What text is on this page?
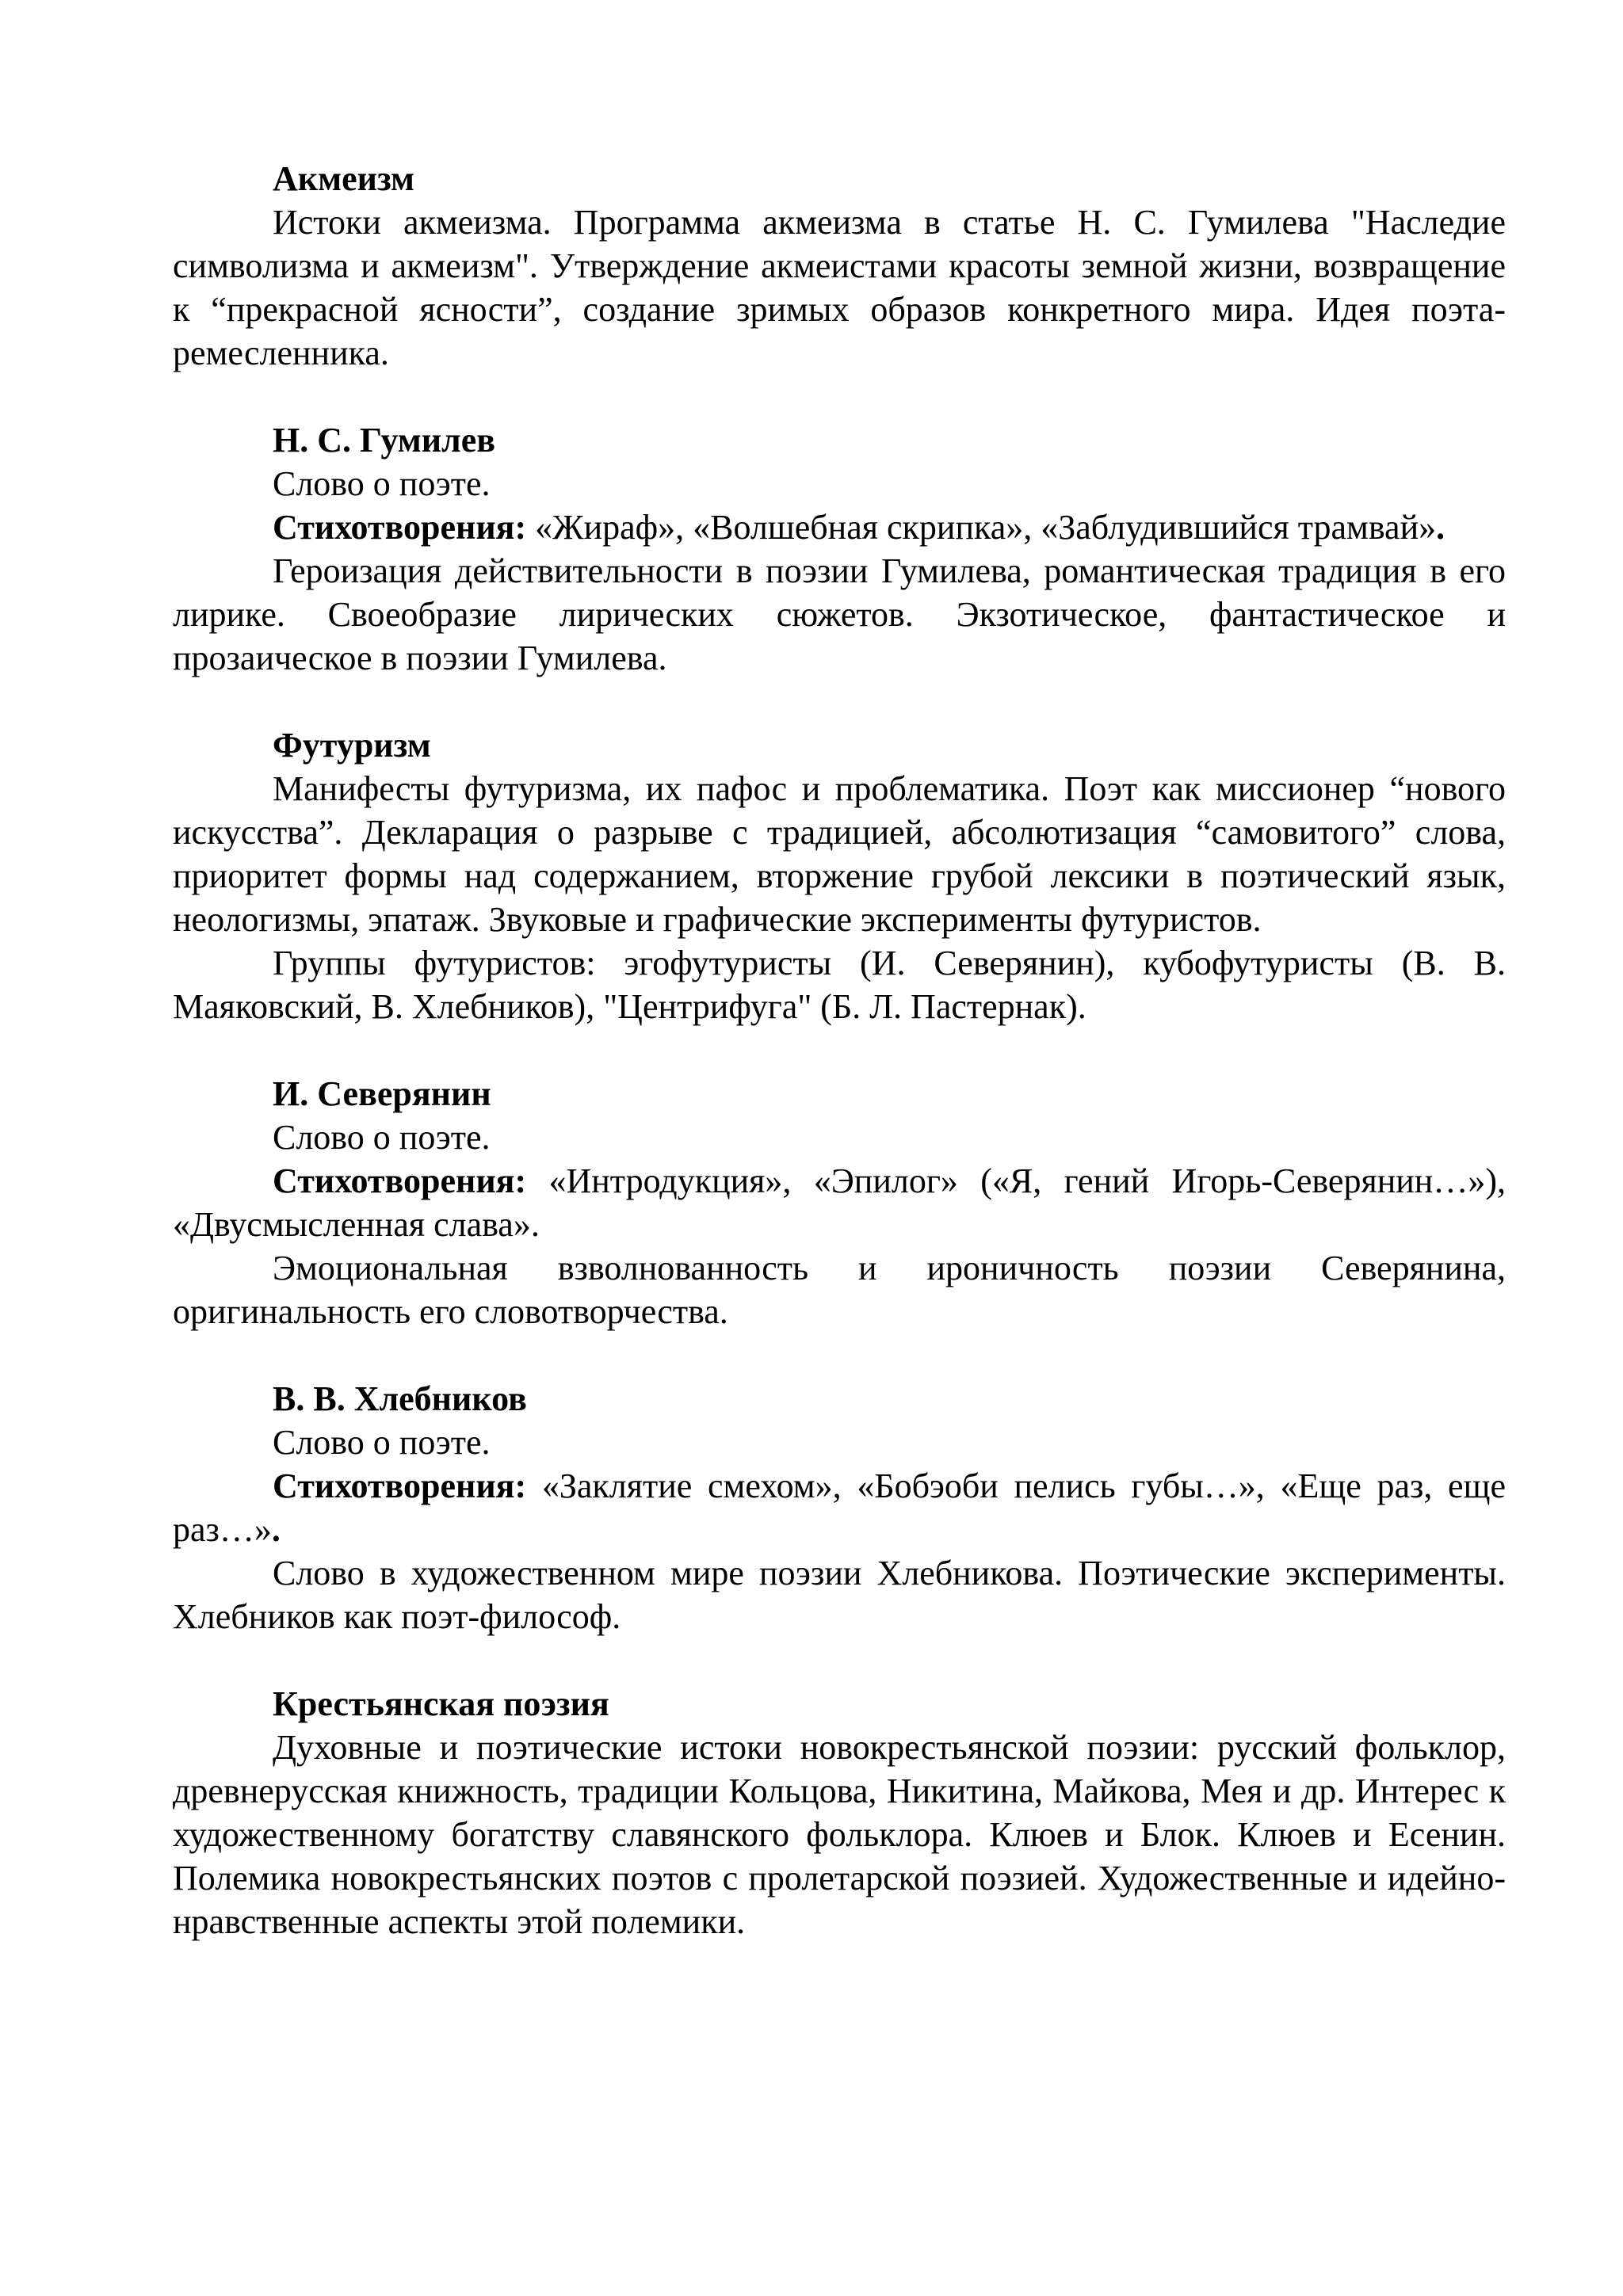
Акмеизм

Истоки акмеизма. Программа акмеизма в статье Н. С. Гумилева "Наследие символизма и акмеизм". Утверждение акмеистами красоты земной жизни, возвращение к “прекрасной ясности”, создание зримых образов конкретного мира. Идея поэта-ремесленника.

Н. С. Гумилев

Слово о поэте.

Стихотворения: «Жираф», «Волшебная скрипка», «Заблудившийся трамвай».

Героизация действительности в поэзии Гумилева, романтическая традиция в его лирике. Своеобразие лирических сюжетов. Экзотическое, фантастическое и прозаическое в поэзии Гумилева.

Футуризм

Манифесты футуризма, их пафос и проблематика. Поэт как миссионер “нового искусства”. Декларация о разрыве с традицией, абсолютизация “самовитого” слова, приоритет формы над содержанием, вторжение грубой лексики в поэтический язык, неологизмы, эпатаж. Звуковые и графические эксперименты футуристов.

Группы футуристов: эгофутуристы (И. Северянин), кубофутуристы (В. В. Маяковский, В. Хлебников), "Центрифуга" (Б. Л. Пастернак).

И. Северянин

Слово о поэте.

Стихотворения: «Интродукция», «Эпилог» («Я, гений Игорь-Северянин…»), «Двусмысленная слава».

Эмоциональная взволнованность и ироничность поэзии Северянина, оригинальность его словотворчества.

В. В. Хлебников

Слово о поэте.

Стихотворения: «Заклятие смехом», «Бобэоби пелись губы…», «Еще раз, еще раз…».

Слово в художественном мире поэзии Хлебникова. Поэтические эксперименты. Хлебников как поэт-философ.

Крестьянская поэзия

Духовные и поэтические истоки новокрестьянской поэзии: русский фольклор, древнерусская книжность, традиции Кольцова, Никитина, Майкова, Мея и др. Интерес к художественному богатству славянского фольклора. Клюев и Блок. Клюев и Есенин. Полемика новокрестьянских поэтов с пролетарской поэзией. Художественные и идейно-нравственные аспекты этой полемики.
